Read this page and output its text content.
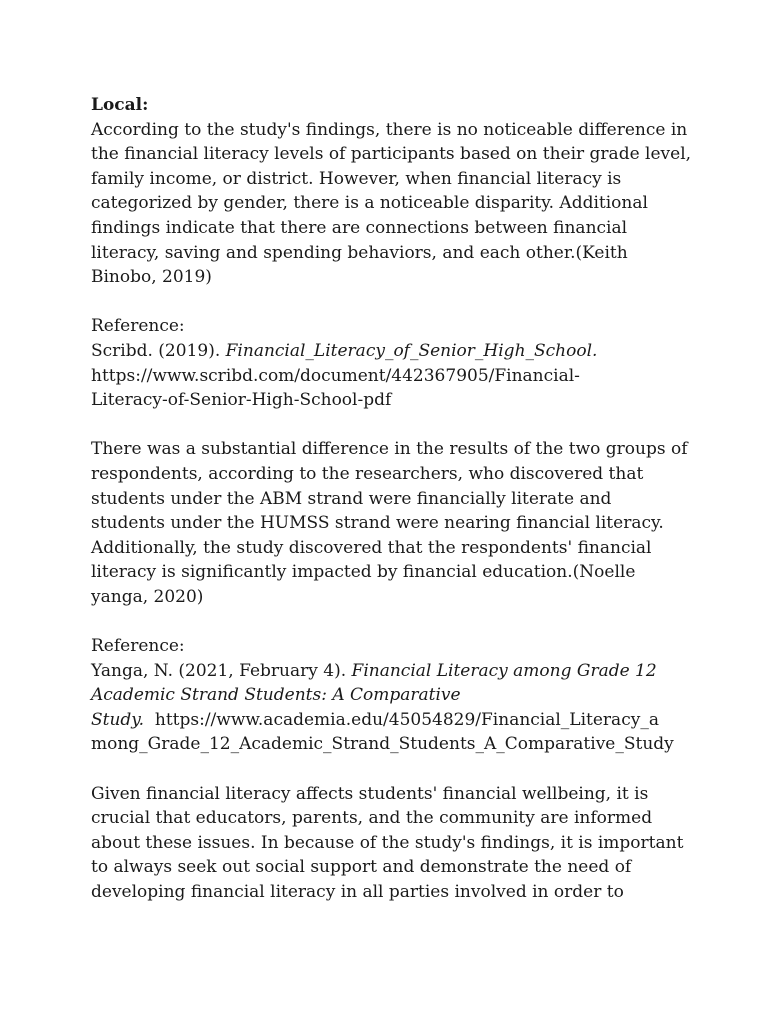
Local:
According to the study's findings, there is no noticeable difference in
the financial literacy levels of participants based on their grade level,
family income, or district. However, when financial literacy is
categorized by gender, there is a noticeable disparity. Additional
findings indicate that there are connections between financial
literacy, saving and spending behaviors, and each other.(Keith
Binobo, 2019)
Reference:
Scribd. (2019). Financial_Literacy_of_Senior_High_School.
https://www.scribd.com/document/442367905/Financial-
Literacy-of-Senior-High-School-pdf
There was a substantial difference in the results of the two groups of
respondents, according to the researchers, who discovered that
students under the ABM strand were financially literate and
students under the HUMSS strand were nearing financial literacy.
Additionally, the study discovered that the respondents' financial
literacy is significantly impacted by financial education.(Noelle
yanga, 2020)
Reference:
Yanga, N. (2021, February 4). Financial Literacy among Grade 12
Academic Strand Students: A Comparative
Study.  https://www.academia.edu/45054829/Financial_Literacy_a
mong_Grade_12_Academic_Strand_Students_A_Comparative_Study
Given financial literacy affects students' financial wellbeing, it is
crucial that educators, parents, and the community are informed
about these issues. In because of the study's findings, it is important
to always seek out social support and demonstrate the need of
developing financial literacy in all parties involved in order to
